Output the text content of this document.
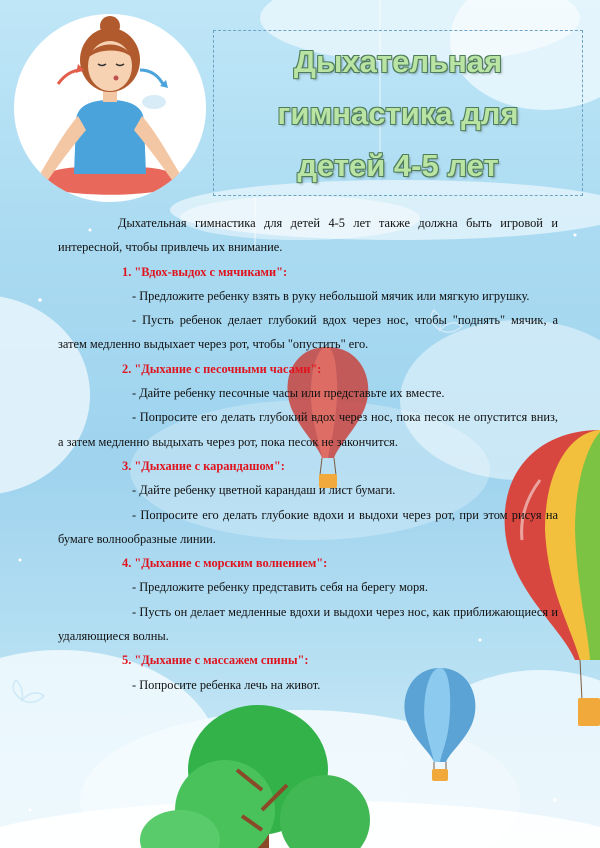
Дыхательная
гимнастика для
детей 4-5 лет

Дыхательная гимнастика для детей 4-5 лет также должна быть игровой и интересной, чтобы привлечь их внимание.

1. "Вдох-выдох с мячиками":

- Предложите ребенку взять в руку небольшой мячик или мягкую игрушку.

- Пусть ребенок делает глубокий вдох через нос, чтобы "поднять" мячик, а затем медленно выдыхает через рот, чтобы "опустить" его.

2. "Дыхание с песочными часами":

- Дайте ребенку песочные часы или представьте их вместе.

- Попросите его делать глубокий вдох через нос, пока песок не опустится вниз, а затем медленно выдыхать через рот, пока песок не закончится.

3. "Дыхание с карандашом":

- Дайте ребенку цветной карандаш и лист бумаги.

- Попросите его делать глубокие вдохи и выдохи через рот, при этом рисуя на бумаге волнообразные линии.

4. "Дыхание с морским волнением":

- Предложите ребенку представить себя на берегу моря.

- Пусть он делает медленные вдохи и выдохи через нос, как приближающиеся и удаляющиеся волны.

5. "Дыхание с массажем спины":

- Попросите ребенка лечь на живот.
